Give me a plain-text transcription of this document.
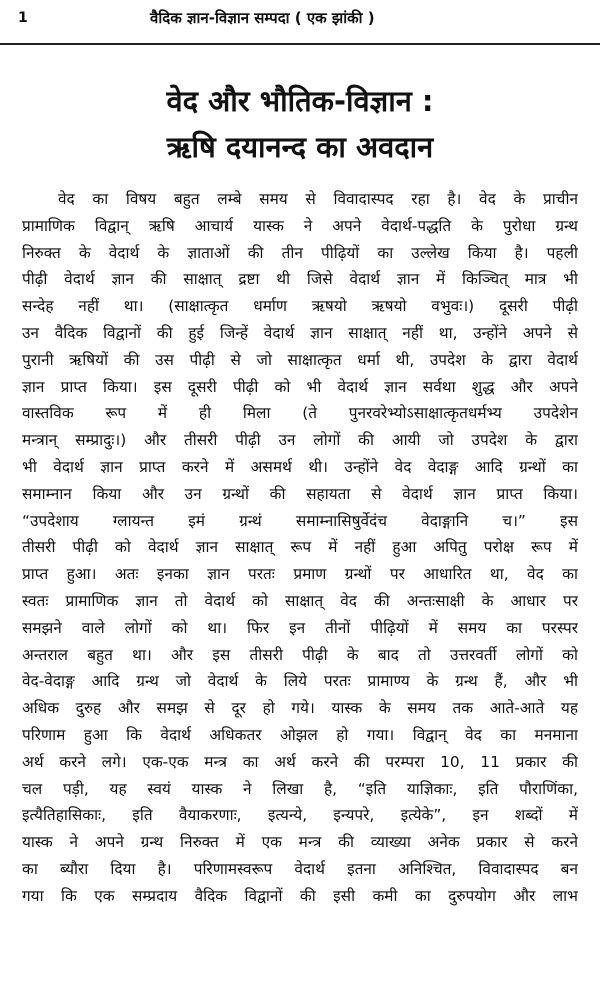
1	वैदिक ज्ञान-विज्ञान सम्पदा ( एक झांकी )
वेद और भौतिक-विज्ञान :
ऋषि दयानन्द का अवदान
वेद का विषय बहुत लम्बे समय से विवादास्पद रहा है। वेद के प्राचीन
प्रामाणिक विद्वान् ऋषि आचार्य यास्क ने अपने वेदार्थ-पद्धति के पुरोधा ग्रन्थ
निरुक्त के वेदार्थ के ज्ञाताओं की तीन पीढ़ियों का उल्लेख किया है। पहली
पीढ़ी वेदार्थ ज्ञान की साक्षात् द्रष्टा थी जिसे वेदार्थ ज्ञान में किञ्चित् मात्र भी
सन्देह नहीं था। (साक्षात्कृत धर्माण ऋषयो ऋषयो वभुवः।) दूसरी पीढ़ी
उन वैदिक विद्वानों की हुई जिन्हें वेदार्थ ज्ञान साक्षात् नहीं था, उन्होंने अपने से
पुरानी ऋषियों की उस पीढ़ी से जो साक्षात्कृत धर्मा थी, उपदेश के द्वारा वेदार्थ
ज्ञान प्राप्त किया। इस दूसरी पीढ़ी को भी वेदार्थ ज्ञान सर्वथा शुद्ध और अपने
वास्तविक रूप में ही मिला (ते पुनरवरेभ्योऽसाक्षात्कृतधर्मभ्य उपदेशेन
मन्त्रान् सम्प्रादुः।) और तीसरी पीढ़ी उन लोगों की आयी जो उपदेश के द्वारा
भी वेदार्थ ज्ञान प्राप्त करने में असमर्थ थी। उन्होंने वेद वेदाङ्ग आदि ग्रन्थों का
समाम्नान किया और उन ग्रन्थों की सहायता से वेदार्थ ज्ञान प्राप्त किया।
“उपदेशाय ग्लायन्त इमं ग्रन्थं समाम्नासिषुर्वेदंच वेदाङ्गानि च।” इस
तीसरी पीढ़ी को वेदार्थ ज्ञान साक्षात् रूप में नहीं हुआ अपितु परोक्ष रूप में
प्राप्त हुआ। अतः इनका ज्ञान परतः प्रमाण ग्रन्थों पर आधारित था, वेद का
स्वतः प्रामाणिक ज्ञान तो वेदार्थ को साक्षात् वेद की अन्तःसाक्षी के आधार पर
समझने वाले लोगों को था। फिर इन तीनों पीढ़ियों में समय का परस्पर
अन्तराल बहुत था। और इस तीसरी पीढ़ी के बाद तो उत्तरवर्ती लोगों को
वेद-वेदाङ्ग आदि ग्रन्थ जो वेदार्थ के लिये परतः प्रामाण्य के ग्रन्थ हैं, और भी
अधिक दुरुह और समझ से दूर हो गये। यास्क के समय तक आते-आते यह
परिणाम हुआ कि वेदार्थ अधिकतर ओझल हो गया। विद्वान् वेद का मनमाना
अर्थ करने लगे। एक-एक मन्त्र का अर्थ करने की परम्परा 10, 11 प्रकार की
चल पड़ी, यह स्वयं यास्क ने लिखा है, “इति याज्ञिकाः, इति पौराणिंका,
इत्यैतिहासिकाः, इति वैयाकरणाः, इत्यन्ये, इन्यपरे, इत्येके”, इन शब्दों में
यास्क ने अपने ग्रन्थ निरुक्त में एक मन्त्र की व्याख्या अनेक प्रकार से करने
का ब्यौरा दिया है। परिणामस्वरूप वेदार्थ इतना अनिश्चित, विवादास्पद बन
गया कि एक सम्प्रदाय वैदिक विद्वानों की इसी कमी का दुरुपयोग और लाभ
